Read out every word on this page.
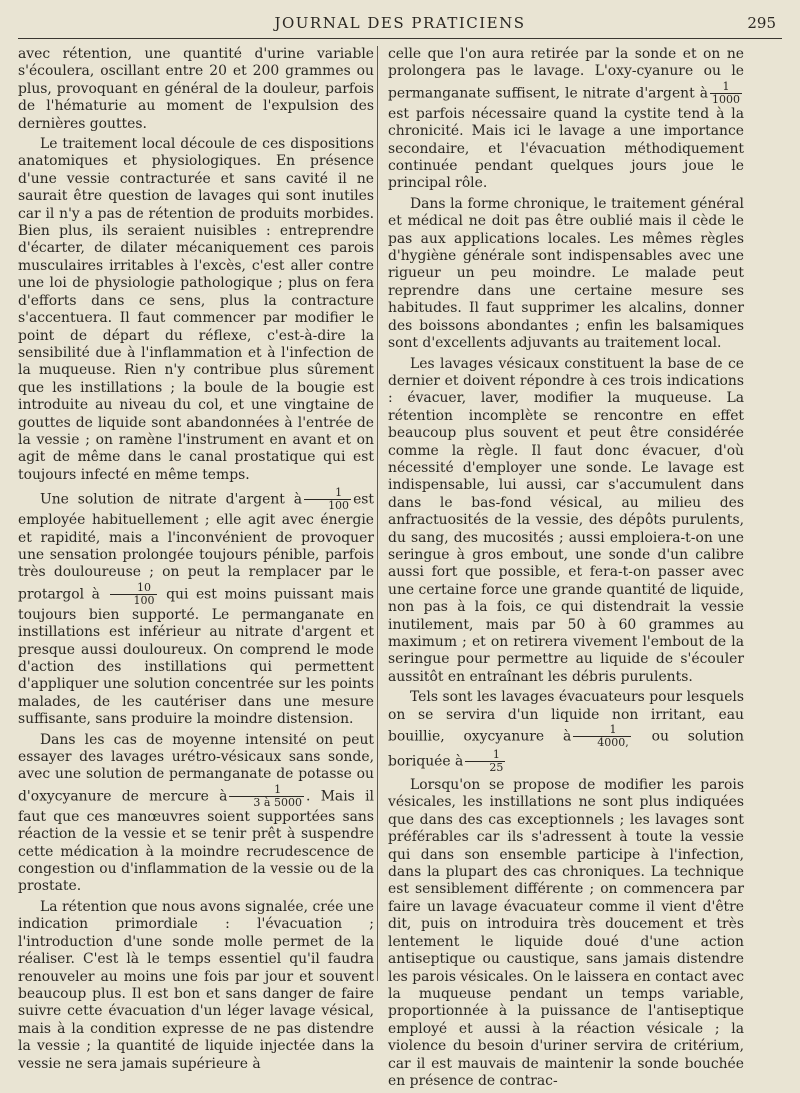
JOURNAL DES PRATICIENS	295

avec rétention, une quantité d'urine variable s'écoulera, oscillant entre 20 et 200 grammes ou plus, provoquant en général de la douleur, parfois de l'hématurie au moment de l'expulsion des dernières gouttes.

Le traitement local découle de ces dispositions anatomiques et physiologiques. En présence d'une vessie contracturée et sans cavité il ne saurait être question de lavages qui sont inutiles car il n'y a pas de rétention de produits morbides. Bien plus, ils seraient nuisibles : entreprendre d'écarter, de dilater mécaniquement ces parois musculaires irritables à l'excès, c'est aller contre une loi de physiologie pathologique ; plus on fera d'efforts dans ce sens, plus la contracture s'accentuera. Il faut commencer par modifier le point de départ du réflexe, c'est-à-dire la sensibilité due à l'inflammation et à l'infection de la muqueuse. Rien n'y contribue plus sûrement que les instillations ; la boule de la bougie est introduite au niveau du col, et une vingtaine de gouttes de liquide sont abandonnées à l'entrée de la vessie ; on ramène l'instrument en avant et on agit de même dans le canal prostatique qui est toujours infecté en même temps.

Une solution de nitrate d'argent à $\frac{1}{100}$ est employée habituellement ; elle agit avec énergie et rapidité, mais a l'inconvénient de provoquer une sensation prolongée toujours pénible, parfois très douloureuse ; on peut la remplacer par le protargol à $\frac{10}{100}$ qui est moins puissant mais toujours bien supporté. Le permanganate en instillations est inférieur au nitrate d'argent et presque aussi douloureux. On comprend le mode d'action des instillations qui permettent d'appliquer une solution concentrée sur les points malades, de les cautériser dans une mesure suffisante, sans produire la moindre distension.

Dans les cas de moyenne intensité on peut essayer des lavages urétro-vésicaux sans sonde, avec une solution de permanganate de potasse ou d'oxycyanure de mercure à $\frac{1}{3 à 5000}$ . Mais il faut que ces manœuvres soient supportées sans réaction de la vessie et se tenir prêt à suspendre cette médication à la moindre recrudescence de congestion ou d'inflammation de la vessie ou de la prostate.

La rétention que nous avons signalée, crée une indication primordiale : l'évacuation ; l'introduction d'une sonde molle permet de la réaliser. C'est là le temps essentiel qu'il faudra renouveler au moins une fois par jour et souvent beaucoup plus. Il est bon et sans danger de faire suivre cette évacuation d'un léger lavage vésical, mais à la condition expresse de ne pas distendre la vessie ; la quantité de liquide injectée dans la vessie ne sera jamais supérieure à

celle que l'on aura retirée par la sonde et on ne prolongera pas le lavage. L'oxy-cyanure ou le permanganate suffisent, le nitrate d'argent à $\frac{1}{1000}$
est parfois nécessaire quand la cystite tend à la chronicité. Mais ici le lavage a une importance secondaire, et l'évacuation méthodiquement continuée pendant quelques jours joue le principal rôle.

Dans la forme chronique, le traitement général et médical ne doit pas être oublié mais il cède le pas aux applications locales. Les mêmes règles d'hygiène générale sont indispensables avec une rigueur un peu moindre. Le malade peut reprendre dans une certaine mesure ses habitudes. Il faut supprimer les alcalins, donner des boissons abondantes ; enfin les balsamiques sont d'excellents adjuvants au traitement local.

Les lavages vésicaux constituent la base de ce dernier et doivent répondre à ces trois indications : évacuer, laver, modifier la muqueuse. La rétention incomplète se rencontre en effet beaucoup plus souvent et peut être considérée comme la règle. Il faut donc évacuer, d'où nécessité d'employer une sonde. Le lavage est indispensable, lui aussi, car s'accumulent dans dans le bas-fond vésical, au milieu des anfractuosités de la vessie, des dépôts purulents, du sang, des mucosités ; aussi emploiera-t-on une seringue à gros embout, une sonde d'un calibre aussi fort que possible, et fera-t-on passer avec une certaine force une grande quantité de liquide, non pas à la fois, ce qui distendrait la vessie inutilement, mais par 50 à 60 grammes au maximum ; et on retirera vivement l'embout de la seringue pour permettre au liquide de s'écouler aussitôt en entraînant les débris purulents.

Tels sont les lavages évacuateurs pour lesquels on se servira d'un liquide non irritant, eau bouillie, oxycyanure à $\frac{1}{4000,}$ ou solution boriquée à $\frac{1}{25}$

Lorsqu'on se propose de modifier les parois vésicales, les instillations ne sont plus indiquées que dans des cas exceptionnels ; les lavages sont préférables car ils s'adressent à toute la vessie qui dans son ensemble participe à l'infection, dans la plupart des cas chroniques. La technique est sensiblement différente ; on commencera par faire un lavage évacuateur comme il vient d'être dit, puis on introduira très doucement et très lentement le liquide doué d'une action antiseptique ou caustique, sans jamais distendre les parois vésicales. On le laissera en contact avec la muqueuse pendant un temps variable, proportionnée à la puissance de l'antiseptique employé et aussi à la réaction vésicale ; la violence du besoin d'uriner servira de critérium, car il est mauvais de maintenir la sonde bouchée en présence de contrac-
